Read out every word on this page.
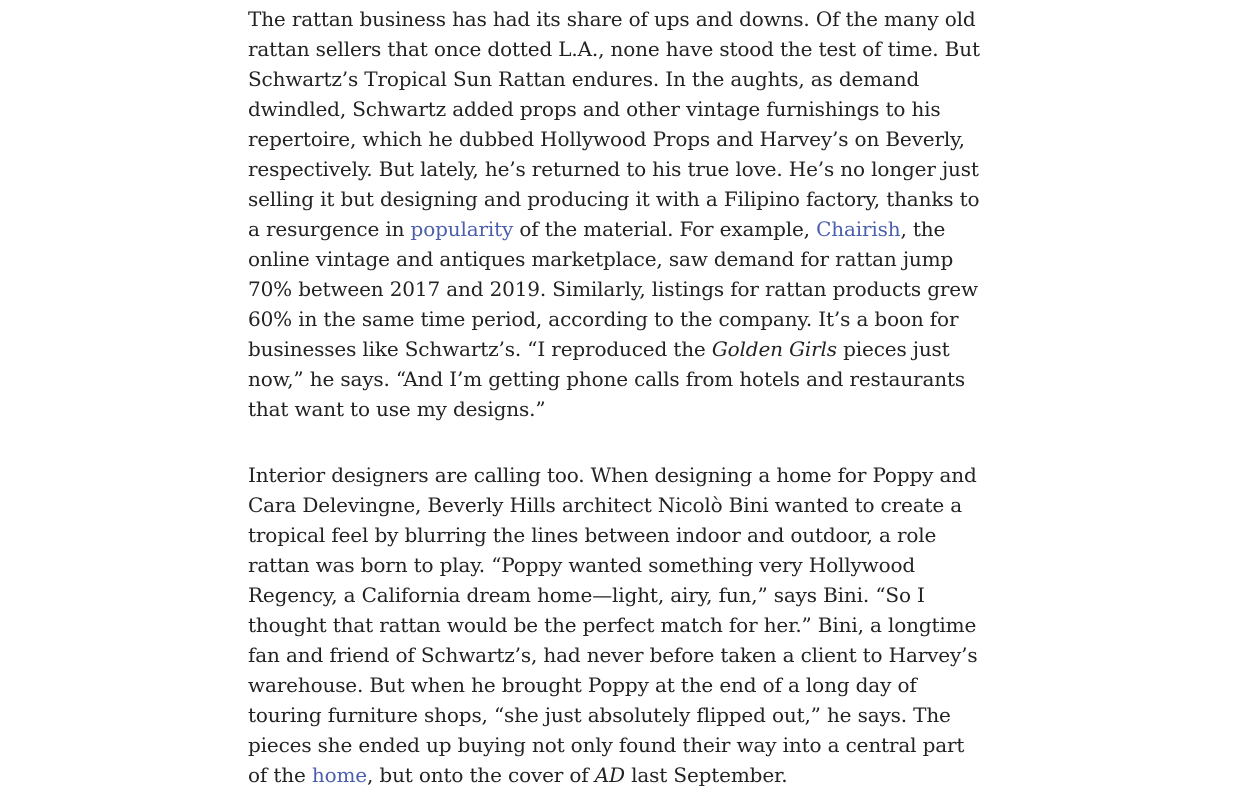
The rattan business has had its share of ups and downs. Of the many old rattan sellers that once dotted L.A., none have stood the test of time. But Schwartz’s Tropical Sun Rattan endures. In the aughts, as demand dwindled, Schwartz added props and other vintage furnishings to his repertoire, which he dubbed Hollywood Props and Harvey’s on Beverly, respectively. But lately, he’s returned to his true love. He’s no longer just selling it but designing and producing it with a Filipino factory, thanks to a resurgence in popularity of the material. For example, Chairish, the online vintage and antiques marketplace, saw demand for rattan jump 70% between 2017 and 2019. Similarly, listings for rattan products grew 60% in the same time period, according to the company. It’s a boon for businesses like Schwartz’s. “I reproduced the Golden Girls pieces just now,” he says. “And I’m getting phone calls from hotels and restaurants that want to use my designs.”

Interior designers are calling too. When designing a home for Poppy and Cara Delevingne, Beverly Hills architect Nicolò Bini wanted to create a tropical feel by blurring the lines between indoor and outdoor, a role rattan was born to play. “Poppy wanted something very Hollywood Regency, a California dream home—light, airy, fun,” says Bini. “So I thought that rattan would be the perfect match for her.” Bini, a longtime fan and friend of Schwartz’s, had never before taken a client to Harvey’s warehouse. But when he brought Poppy at the end of a long day of touring furniture shops, “she just absolutely flipped out,” he says. The pieces she ended up buying not only found their way into a central part of the home, but onto the cover of AD last September.
